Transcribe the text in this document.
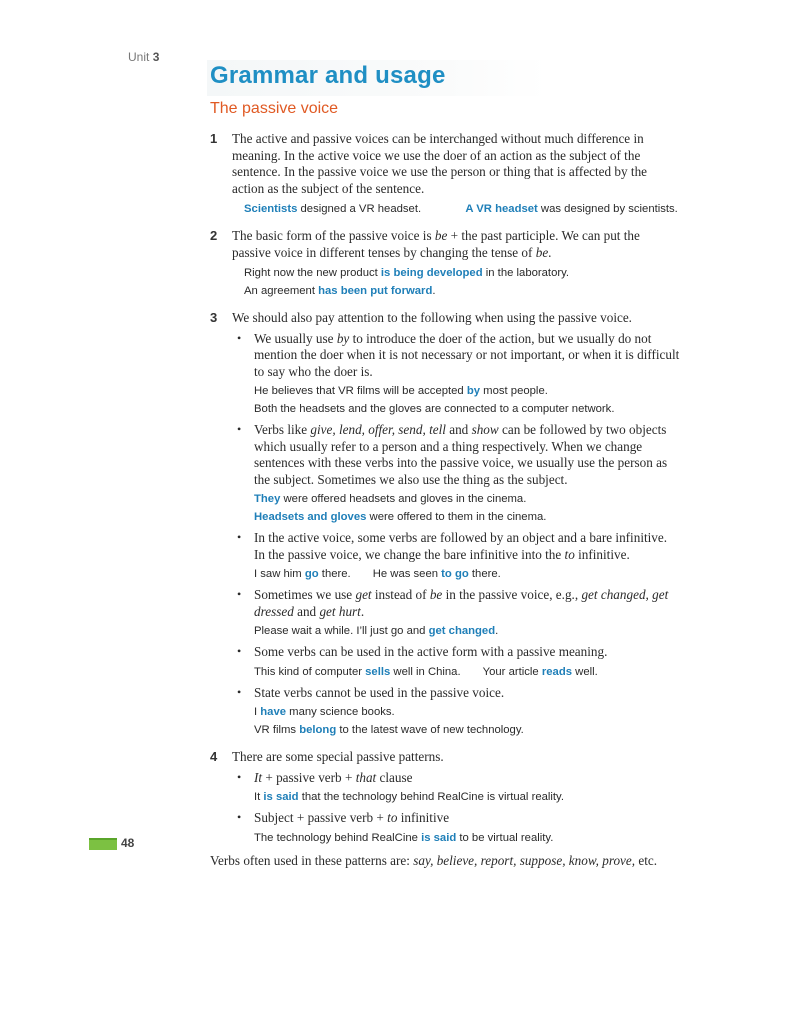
Unit 3
Grammar and usage
The passive voice
1 The active and passive voices can be interchanged without much difference in meaning. In the active voice we use the doer of an action as the subject of the sentence. In the passive voice we use the person or thing that is affected by the action as the subject of the sentence.
Scientists designed a VR headset.	A VR headset was designed by scientists.
2 The basic form of the passive voice is be + the past participle. We can put the passive voice in different tenses by changing the tense of be.
Right now the new product is being developed in the laboratory.
An agreement has been put forward.
3 We should also pay attention to the following when using the passive voice.
• We usually use by to introduce the doer of the action, but we usually do not mention the doer when it is not necessary or not important, or when it is difficult to say who the doer is.
He believes that VR films will be accepted by most people.
Both the headsets and the gloves are connected to a computer network.
• Verbs like give, lend, offer, send, tell and show can be followed by two objects which usually refer to a person and a thing respectively. When we change sentences with these verbs into the passive voice, we usually use the person as the subject. Sometimes we also use the thing as the subject.
They were offered headsets and gloves in the cinema.
Headsets and gloves were offered to them in the cinema.
• In the active voice, some verbs are followed by an object and a bare infinitive. In the passive voice, we change the bare infinitive into the to infinitive.
I saw him go there. He was seen to go there.
• Sometimes we use get instead of be in the passive voice, e.g., get changed, get dressed and get hurt.
Please wait a while. I’ll just go and get changed.
• Some verbs can be used in the active form with a passive meaning.
This kind of computer sells well in China. Your article reads well.
• State verbs cannot be used in the passive voice.
I have many science books.
VR films belong to the latest wave of new technology.
4 There are some special passive patterns.
• It + passive verb + that clause
It is said that the technology behind RealCine is virtual reality.
• Subject + passive verb + to infinitive
The technology behind RealCine is said to be virtual reality.
Verbs often used in these patterns are: say, believe, report, suppose, know, prove, etc.
48
